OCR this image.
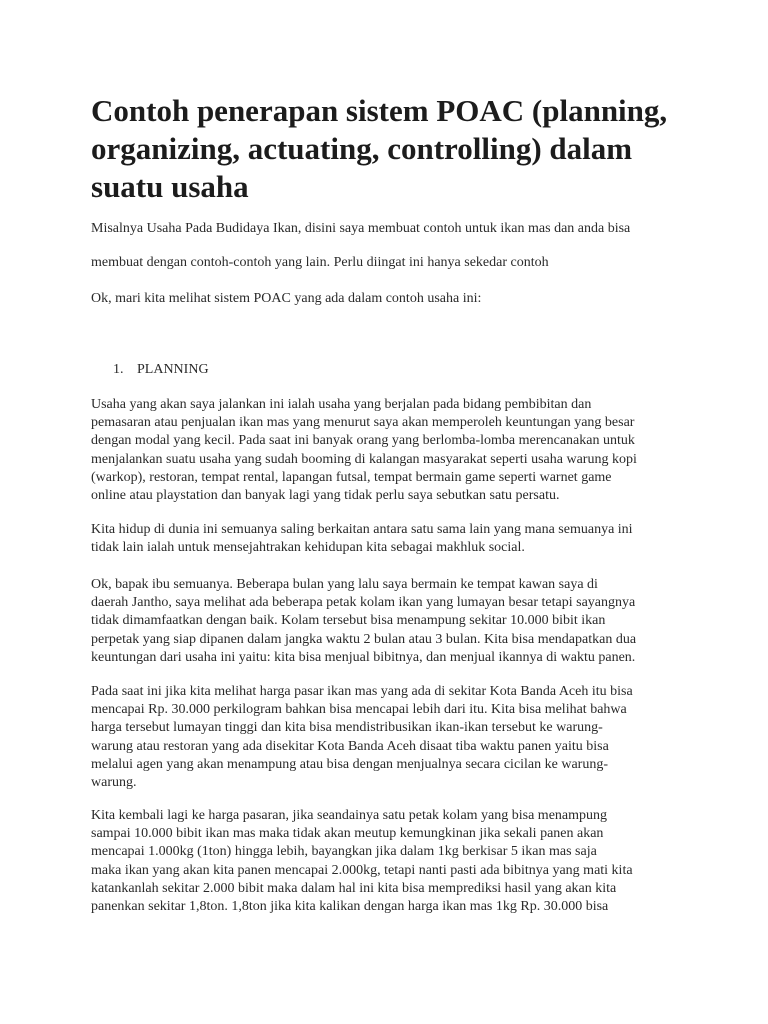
Contoh penerapan sistem POAC (planning,
organizing, actuating, controlling) dalam
suatu usaha

Misalnya Usaha Pada Budidaya Ikan, disini saya membuat contoh untuk ikan mas dan anda bisa

membuat dengan contoh-contoh yang lain. Perlu diingat ini hanya sekedar contoh

Ok, mari kita melihat sistem POAC yang ada dalam contoh usaha ini:

1. PLANNING

Usaha yang akan saya jalankan ini ialah usaha yang berjalan pada bidang pembibitan dan
pemasaran atau penjualan ikan mas yang menurut saya akan memperoleh keuntungan yang besar
dengan modal yang kecil. Pada saat ini banyak orang yang berlomba-lomba merencanakan untuk
menjalankan suatu usaha yang sudah booming di kalangan masyarakat seperti usaha warung kopi
(warkop), restoran, tempat rental, lapangan futsal, tempat bermain game seperti warnet game
online atau playstation dan banyak lagi yang tidak perlu saya sebutkan satu persatu.
Kita hidup di dunia ini semuanya saling berkaitan antara satu sama lain yang mana semuanya ini
tidak lain ialah untuk mensejahtrakan kehidupan kita sebagai makhluk social.
Ok, bapak ibu semuanya. Beberapa bulan yang lalu saya bermain ke tempat kawan saya di
daerah Jantho, saya melihat ada beberapa petak kolam ikan yang lumayan besar tetapi sayangnya
tidak dimamfaatkan dengan baik. Kolam tersebut bisa menampung sekitar 10.000 bibit ikan
perpetak yang siap dipanen dalam jangka waktu 2 bulan atau 3 bulan. Kita bisa mendapatkan dua
keuntungan dari usaha ini yaitu: kita bisa menjual bibitnya, dan menjual ikannya di waktu panen.
Pada saat ini jika kita melihat harga pasar ikan mas yang ada di sekitar Kota Banda Aceh itu bisa
mencapai Rp. 30.000 perkilogram bahkan bisa mencapai lebih dari itu. Kita bisa melihat bahwa
harga tersebut lumayan tinggi dan kita bisa mendistribusikan ikan-ikan tersebut ke warung-
warung atau restoran yang ada disekitar Kota Banda Aceh disaat tiba waktu panen yaitu bisa
melalui agen yang akan menampung atau bisa dengan menjualnya secara cicilan ke warung-
warung.
Kita kembali lagi ke harga pasaran, jika seandainya satu petak kolam yang bisa menampung
sampai 10.000 bibit ikan mas maka tidak akan meutup kemungkinan jika sekali panen akan
mencapai 1.000kg (1ton) hingga lebih, bayangkan jika dalam 1kg berkisar 5 ikan mas saja
maka ikan yang akan kita panen mencapai 2.000kg, tetapi nanti pasti ada bibitnya yang mati kita
katankanlah sekitar 2.000 bibit maka dalam hal ini kita bisa memprediksi hasil yang akan kita
panenkan sekitar 1,8ton. 1,8ton jika kita kalikan dengan harga ikan mas 1kg Rp. 30.000 bisa
